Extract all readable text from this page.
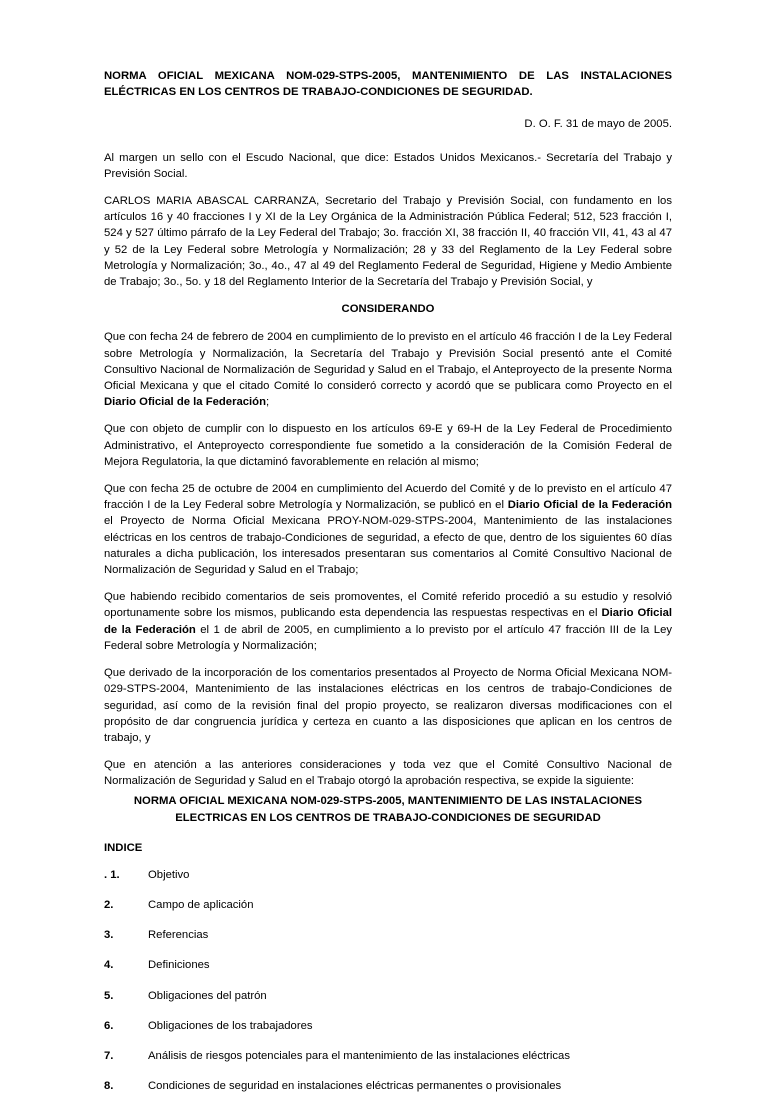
NORMA OFICIAL MEXICANA NOM-029-STPS-2005, MANTENIMIENTO DE LAS INSTALACIONES ELÉCTRICAS EN LOS CENTROS DE TRABAJO-CONDICIONES DE SEGURIDAD.
D. O. F. 31 de mayo de 2005.

Al margen un sello con el Escudo Nacional, que dice: Estados Unidos Mexicanos.- Secretaría del Trabajo y Previsión Social.

CARLOS MARIA ABASCAL CARRANZA, Secretario del Trabajo y Previsión Social, con fundamento en los artículos 16 y 40 fracciones I y XI de la Ley Orgánica de la Administración Pública Federal; 512, 523 fracción I, 524 y 527 último párrafo de la Ley Federal del Trabajo; 3o. fracción XI, 38 fracción II, 40 fracción VII, 41, 43 al 47 y 52 de la Ley Federal sobre Metrología y Normalización; 28 y 33 del Reglamento de la Ley Federal sobre Metrología y Normalización; 3o., 4o., 47 al 49 del Reglamento Federal de Seguridad, Higiene y Medio Ambiente de Trabajo; 3o., 5o. y 18 del Reglamento Interior de la Secretaría del Trabajo y Previsión Social, y

CONSIDERANDO

Que con fecha 24 de febrero de 2004 en cumplimiento de lo previsto en el artículo 46 fracción I de la Ley Federal sobre Metrología y Normalización, la Secretaría del Trabajo y Previsión Social presentó ante el Comité Consultivo Nacional de Normalización de Seguridad y Salud en el Trabajo, el Anteproyecto de la presente Norma Oficial Mexicana y que el citado Comité lo consideró correcto y acordó que se publicara como Proyecto en el Diario Oficial de la Federación;

Que con objeto de cumplir con lo dispuesto en los artículos 69-E y 69-H de la Ley Federal de Procedimiento Administrativo, el Anteproyecto correspondiente fue sometido a la consideración de la Comisión Federal de Mejora Regulatoria, la que dictaminó favorablemente en relación al mismo;

Que con fecha 25 de octubre de 2004 en cumplimiento del Acuerdo del Comité y de lo previsto en el artículo 47 fracción I de la Ley Federal sobre Metrología y Normalización, se publicó en el Diario Oficial de la Federación el Proyecto de Norma Oficial Mexicana PROY-NOM-029-STPS-2004, Mantenimiento de las instalaciones eléctricas en los centros de trabajo-Condiciones de seguridad, a efecto de que, dentro de los siguientes 60 días naturales a dicha publicación, los interesados presentaran sus comentarios al Comité Consultivo Nacional de Normalización de Seguridad y Salud en el Trabajo;

Que habiendo recibido comentarios de seis promoventes, el Comité referido procedió a su estudio y resolvió oportunamente sobre los mismos, publicando esta dependencia las respuestas respectivas en el Diario Oficial de la Federación el 1 de abril de 2005, en cumplimiento a lo previsto por el artículo 47 fracción III de la Ley Federal sobre Metrología y Normalización;

Que derivado de la incorporación de los comentarios presentados al Proyecto de Norma Oficial Mexicana NOM-029-STPS-2004, Mantenimiento de las instalaciones eléctricas en los centros de trabajo-Condiciones de seguridad, así como de la revisión final del propio proyecto, se realizaron diversas modificaciones con el propósito de dar congruencia jurídica y certeza en cuanto a las disposiciones que aplican en los centros de trabajo, y

Que en atención a las anteriores consideraciones y toda vez que el Comité Consultivo Nacional de Normalización de Seguridad y Salud en el Trabajo otorgó la aprobación respectiva, se expide la siguiente:

NORMA OFICIAL MEXICANA NOM-029-STPS-2005, MANTENIMIENTO DE LAS INSTALACIONES ELECTRICAS EN LOS CENTROS DE TRABAJO-CONDICIONES DE SEGURIDAD
INDICE
. 1.	Objetivo
2.	Campo de aplicación
3.	Referencias
4.	Definiciones
5.	Obligaciones del patrón
6.	Obligaciones de los trabajadores
7.	Análisis de riesgos potenciales para el mantenimiento de las instalaciones eléctricas
8.	Condiciones de seguridad en instalaciones eléctricas permanentes o provisionales
